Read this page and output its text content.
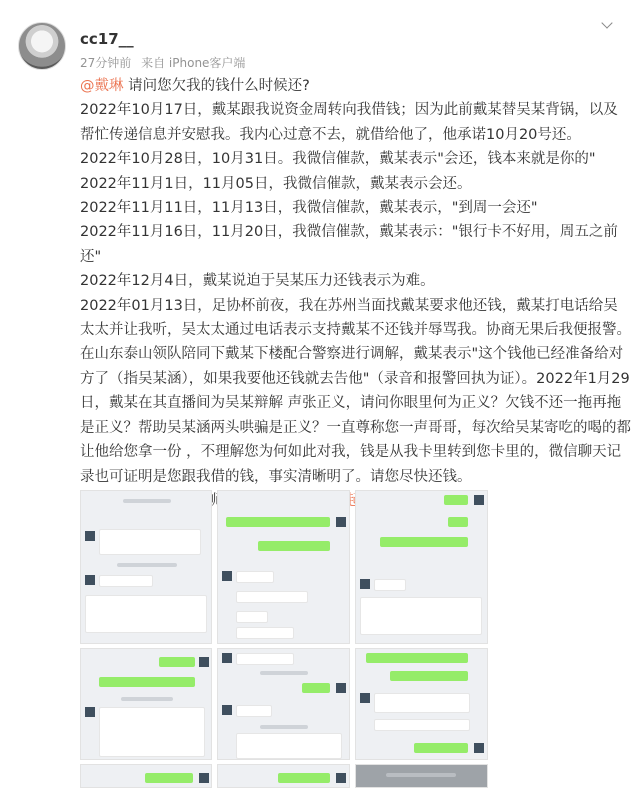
cc17__
27分钟前 来自 iPhone客户端

@戴琳 请问您欠我的钱什么时候还?

2022年10月17日，戴某跟我说资金周转向我借钱；因为此前戴某替吴某背锅，以及帮忙传递信息并安慰我。我内心过意不去，就借给他了，他承诺10月20号还。

2022年10月28日，10月31日。我微信催款，戴某表示"会还，钱本来就是你的"

2022年11月1日，11月05日，我微信催款，戴某表示会还。

2022年11月11日，11月13日，我微信催款，戴某表示，"到周一会还"

2022年11月16日，11月20日，我微信催款，戴某表示："银行卡不好用，周五之前还"

2022年12月4日，戴某说迫于吴某压力还钱表示为难。

2022年01月13日，足协杯前夜，我在苏州当面找戴某要求他还钱，戴某打电话给吴太太并让我听，吴太太通过电话表示支持戴某不还钱并辱骂我。协商无果后我便报警。在山东泰山领队陪同下戴某下楼配合警察进行调解，戴某表示"这个钱他已经准备给对方了（指吴某涵），如果我要他还钱就去告他"（录音和报警回执为证）。2022年1月29日，戴某在其直播间为吴某辩解 声张正义，请问你眼里何为正义？欠钱不还一拖再拖是正义？帮助吴某涵两头哄骗是正义？一直尊称您一声哥哥，每次给吴某寄吃的喝的都让他给您拿一份 ，不理解您为何如此对我，钱是从我卡里转到您卡里的，微信聊天记录也可证明是您跟我借的钱，事实清晰明了。请您尽快还钱。
